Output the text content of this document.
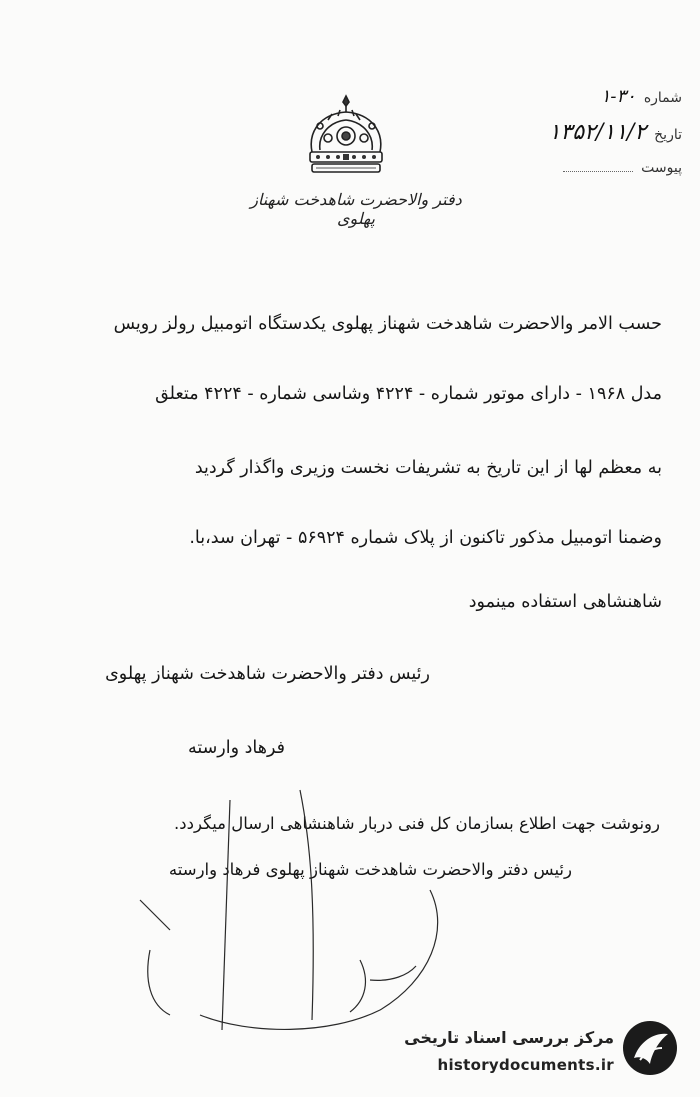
شماره
۱-۳۰
تاریخ
۱۳۵۲/۱۱/۲
پیوست
دفتر والاحضرت شاهدخت شهناز پهلوی
حسب الامر والاحضرت شاهدخت شهناز پهلوی یکدستگاه اتومبیل رولز رویس
مدل ۱۹۶۸ - دارای موتور شماره - ۴۲۲۴ وشاسی شماره - ۴۲۲۴ متعلق
به معظم لها از این تاریخ به تشریفات نخست وزیری واگذار گردید
وضمنا اتومبیل مذکور تاکنون از پلاک شماره ۵۶۹۲۴ - تهران سد،با.
شاهنشاهی استفاده مینمود
رئیس دفتر والاحضرت شاهدخت شهناز پهلوی
فرهاد وارسته
رونوشت جهت اطلاع بسازمان کل فنی دربار شاهنشاهی ارسال میگردد.
رئیس دفتر والاحضرت شاهدخت شهناز پهلوی فرهاد وارسته
مرکز بررسی اسناد تاریخی
historydocuments.ir
